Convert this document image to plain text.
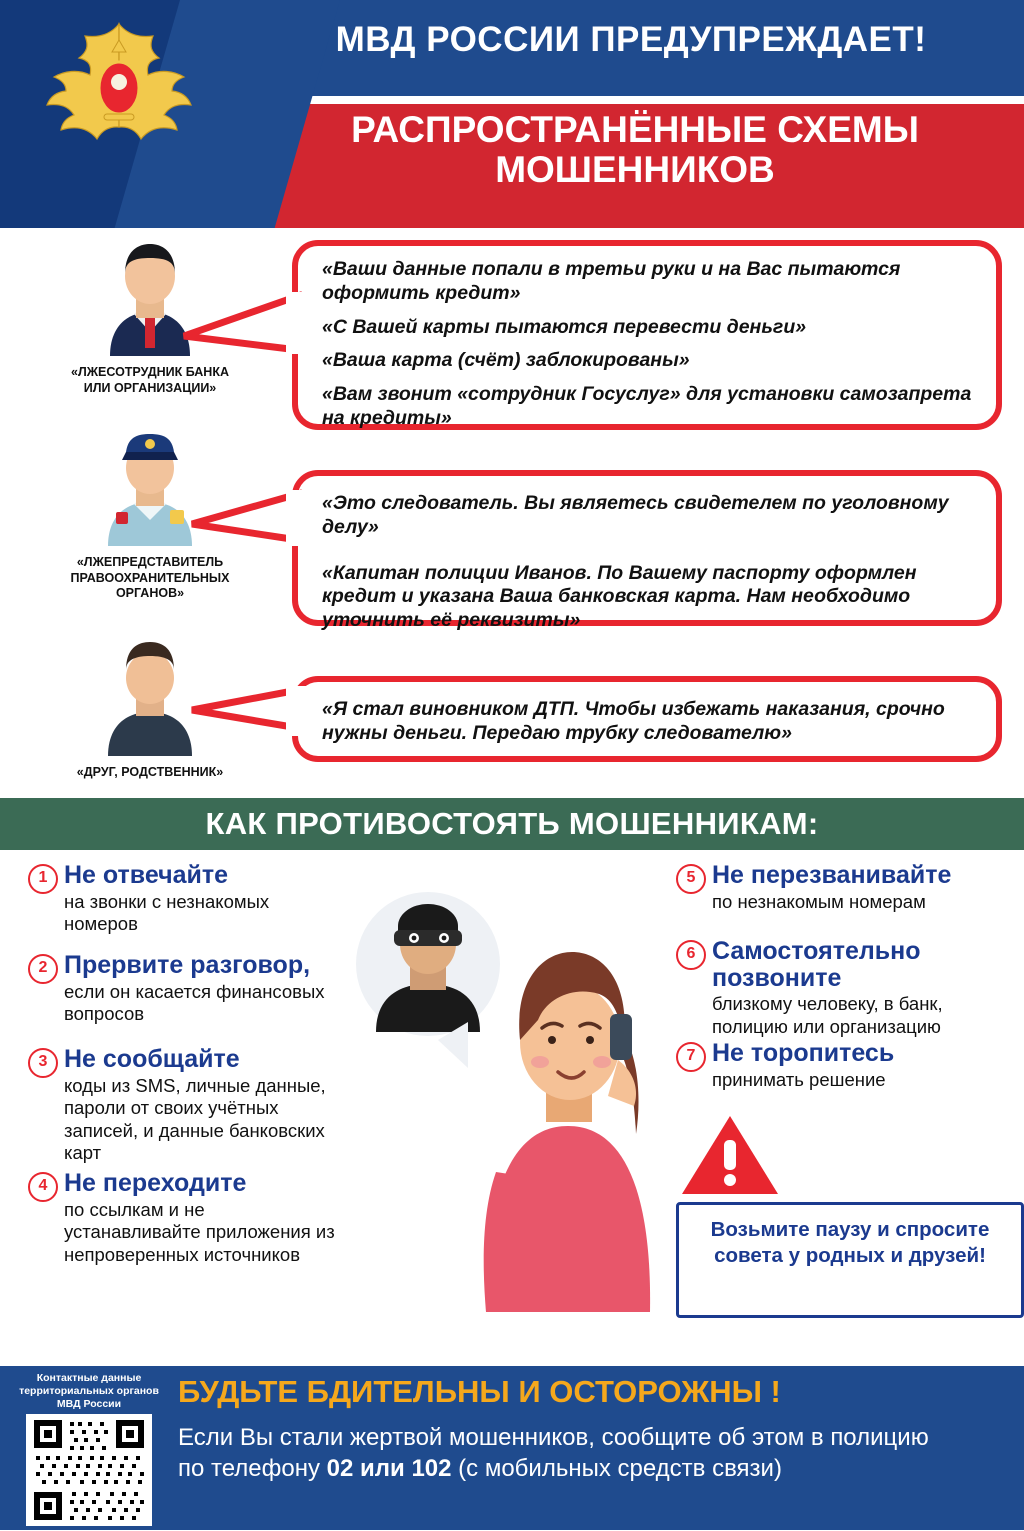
МВД РОССИИ ПРЕДУПРЕЖДАЕТ!
РАСПРОСТРАНЁННЫЕ СХЕМЫ
МОШЕННИКОВ
«ЛЖЕСОТРУДНИК БАНКА
ИЛИ ОРГАНИЗАЦИИ»

«Ваши данные попали в третьи руки и на Вас пытаются оформить кредит»

«С Вашей карты пытаются перевести деньги»

«Ваша карта (счёт) заблокированы»

«Вам звонит «сотрудник Госуслуг» для установки самозапрета на кредиты»

«ЛЖЕПРЕДСТАВИТЕЛЬ
ПРАВООХРАНИТЕЛЬНЫХ
ОРГАНОВ»

«Это следователь. Вы являетесь свидетелем по уголовному делу»

«Капитан полиции Иванов. По Вашему паспорту оформлен кредит и указана Ваша банковская карта. Нам необходимо уточнить её реквизиты»

«ДРУГ, РОДСТВЕННИК»

«Я стал виновником ДТП. Чтобы избежать наказания, срочно нужны деньги. Передаю трубку следователю»

КАК ПРОТИВОСТОЯТЬ МОШЕННИКАМ:
1 Не отвечайте
на звонки с незнакомых номеров
2 Прервите разговор,
если он касается финансовых вопросов
3 Не сообщайте
коды из SMS, личные данные, пароли от своих учётных записей, и данные банковских карт
4 Не переходите
по ссылкам и не устанавливайте приложения из непроверенных источников
5 Не перезванивайте
по незнакомым номерам
6 Самостоятельно позвоните
близкому человеку, в банк, полицию или организацию
7 Не торопитесь
принимать решение
Возьмите паузу и спросите совета у родных и друзей!
Контактные данные
территориальных органов
МВД России	БУДЬТЕ БДИТЕЛЬНЫ И ОСТОРОЖНЫ !
Если Вы стали жертвой мошенников, сообщите об этом в полицию
по телефону 02 или 102 (с мобильных средств связи)
